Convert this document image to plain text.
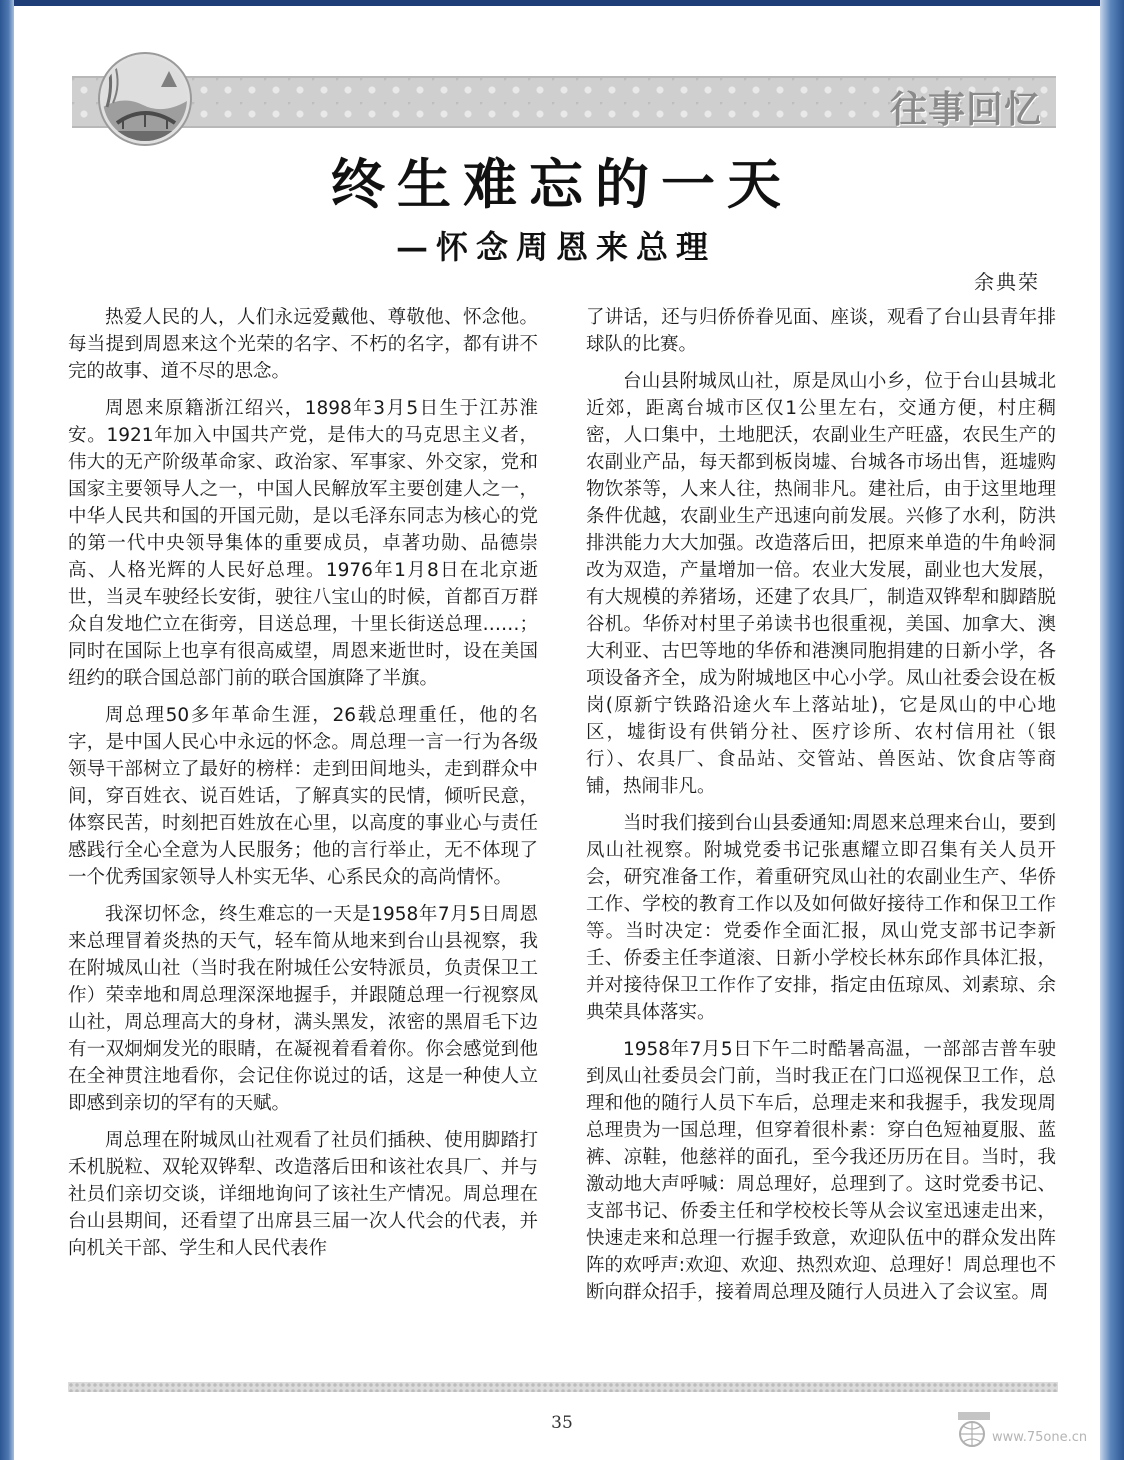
往事回忆
终生难忘的一天
—怀念周恩来总理
余典荣

热爱人民的人，人们永远爱戴他、尊敬他、怀念他。每当提到周恩来这个光荣的名字、不朽的名字，都有讲不完的故事、道不尽的思念。

周恩来原籍浙江绍兴，1898年3月5日生于江苏淮安。1921年加入中国共产党，是伟大的马克思主义者，伟大的无产阶级革命家、政治家、军事家、外交家，党和国家主要领导人之一，中国人民解放军主要创建人之一，中华人民共和国的开国元勋，是以毛泽东同志为核心的党的第一代中央领导集体的重要成员，卓著功勋、品德崇高、人格光辉的人民好总理。1976年1月8日在北京逝世，当灵车驶经长安街，驶往八宝山的时候，首都百万群众自发地伫立在街旁，目送总理，十里长街送总理……；同时在国际上也享有很高威望，周恩来逝世时，设在美国纽约的联合国总部门前的联合国旗降了半旗。

周总理50多年革命生涯，26载总理重任，他的名字，是中国人民心中永远的怀念。周总理一言一行为各级领导干部树立了最好的榜样：走到田间地头，走到群众中间，穿百姓衣、说百姓话，了解真实的民情，倾听民意，体察民苦，时刻把百姓放在心里，以高度的事业心与责任感践行全心全意为人民服务；他的言行举止，无不体现了一个优秀国家领导人朴实无华、心系民众的高尚情怀。

我深切怀念，终生难忘的一天是1958年7月5日周恩来总理冒着炎热的天气，轻车简从地来到台山县视察，我在附城凤山社（当时我在附城任公安特派员，负责保卫工作）荣幸地和周总理深深地握手，并跟随总理一行视察凤山社，周总理高大的身材，满头黑发，浓密的黑眉毛下边有一双炯炯发光的眼睛，在凝视着看着你。你会感觉到他在全神贯注地看你，会记住你说过的话，这是一种使人立即感到亲切的罕有的天赋。

周总理在附城凤山社观看了社员们插秧、使用脚踏打禾机脱粒、双轮双铧犁、改造落后田和该社农具厂、并与社员们亲切交谈，详细地询问了该社生产情况。周总理在台山县期间，还看望了出席县三届一次人代会的代表，并向机关干部、学生和人民代表作

了讲话，还与归侨侨眷见面、座谈，观看了台山县青年排球队的比赛。

台山县附城凤山社，原是凤山小乡，位于台山县城北近郊，距离台城市区仅1公里左右，交通方便，村庄稠密，人口集中，土地肥沃，农副业生产旺盛，农民生产的农副业产品，每天都到板岗墟、台城各市场出售，逛墟购物饮茶等，人来人往，热闹非凡。建社后，由于这里地理条件优越，农副业生产迅速向前发展。兴修了水利，防洪排洪能力大大加强。改造落后田，把原来单造的牛角岭洞改为双造，产量增加一倍。农业大发展，副业也大发展，有大规模的养猪场，还建了农具厂，制造双铧犁和脚踏脱谷机。华侨对村里子弟读书也很重视，美国、加拿大、澳大利亚、古巴等地的华侨和港澳同胞捐建的日新小学，各项设备齐全，成为附城地区中心小学。凤山社委会设在板岗(原新宁铁路沿途火车上落站址)，它是凤山的中心地区，墟街设有供销分社、医疗诊所、农村信用社（银行）、农具厂、食品站、交管站、兽医站、饮食店等商铺，热闹非凡。

当时我们接到台山县委通知:周恩来总理来台山，要到凤山社视察。附城党委书记张惠耀立即召集有关人员开会，研究准备工作，着重研究凤山社的农副业生产、华侨工作、学校的教育工作以及如何做好接待工作和保卫工作等。当时决定：党委作全面汇报，凤山党支部书记李新壬、侨委主任李道滚、日新小学校长林东邱作具体汇报，并对接待保卫工作作了安排，指定由伍琼凤、刘素琼、余典荣具体落实。

1958年7月5日下午二时酷暑高温，一部部吉普车驶到凤山社委员会门前，当时我正在门口巡视保卫工作，总理和他的随行人员下车后，总理走来和我握手，我发现周总理贵为一国总理，但穿着很朴素：穿白色短袖夏服、蓝裤、凉鞋，他慈祥的面孔，至今我还历历在目。当时，我激动地大声呼喊：周总理好，总理到了。这时党委书记、支部书记、侨委主任和学校校长等从会议室迅速走出来，快速走来和总理一行握手致意，欢迎队伍中的群众发出阵阵的欢呼声:欢迎、欢迎、热烈欢迎、总理好！周总理也不断向群众招手，接着周总理及随行人员进入了会议室。周

35
www.75one.cn
